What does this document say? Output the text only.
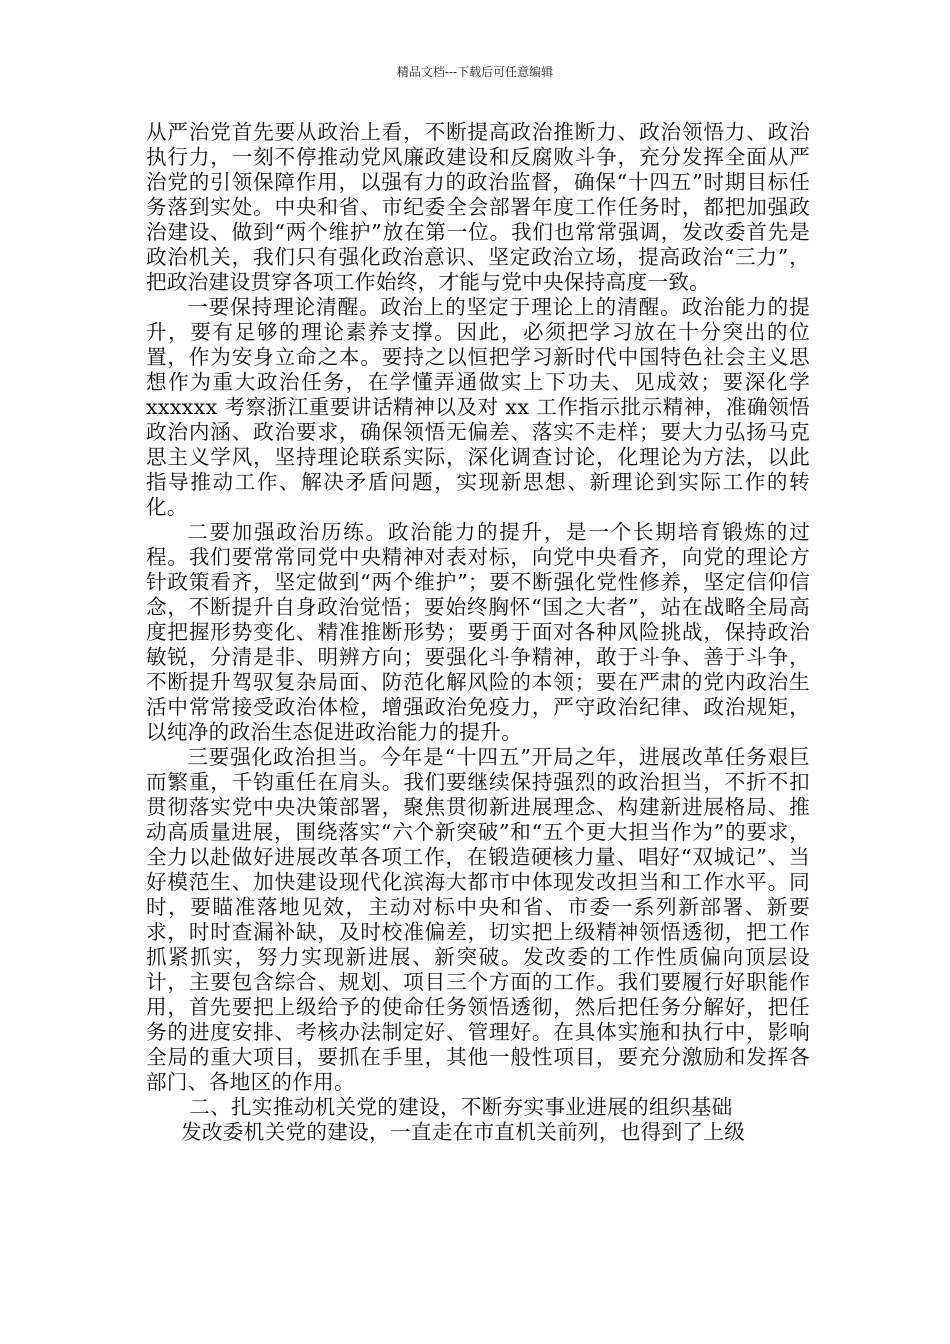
精品文档---下载后可任意编辑

从严治党首先要从政治上看，不断提高政治推断力、政治领悟力、政治执行力，一刻不停推动党风廉政建设和反腐败斗争，充分发挥全面从严治党的引领保障作用，以强有力的政治监督，确保“十四五”时期目标任务落到实处。中央和省、市纪委全会部署年度工作任务时，都把加强政治建设、做到“两个维护”放在第一位。我们也常常强调，发改委首先是政治机关，我们只有强化政治意识、坚定政治立场，提高政治“三力”，把政治建设贯穿各项工作始终，才能与党中央保持高度一致。

一要保持理论清醒。政治上的坚定于理论上的清醒。政治能力的提升，要有足够的理论素养支撑。因此，必须把学习放在十分突出的位置，作为安身立命之本。要持之以恒把学习新时代中国特色社会主义思想作为重大政治任务，在学懂弄通做实上下功夫、见成效；要深化学 xxxxxx 考察浙江重要讲话精神以及对 xx 工作指示批示精神，准确领悟政治内涵、政治要求，确保领悟无偏差、落实不走样；要大力弘扬马克思主义学风，坚持理论联系实际，深化调查讨论，化理论为方法，以此指导推动工作、解决矛盾问题，实现新思想、新理论到实际工作的转化。

二要加强政治历练。政治能力的提升，是一个长期培育锻炼的过程。我们要常常同党中央精神对表对标，向党中央看齐，向党的理论方针政策看齐，坚定做到“两个维护”；要不断强化党性修养，坚定信仰信念，不断提升自身政治觉悟；要始终胸怀“国之大者”，站在战略全局高度把握形势变化、精准推断形势；要勇于面对各种风险挑战，保持政治敏锐，分清是非、明辨方向；要强化斗争精神，敢于斗争、善于斗争，不断提升驾驭复杂局面、防范化解风险的本领；要在严肃的党内政治生活中常常接受政治体检，增强政治免疫力，严守政治纪律、政治规矩，以纯净的政治生态促进政治能力的提升。

三要强化政治担当。今年是“十四五”开局之年，进展改革任务艰巨而繁重，千钧重任在肩头。我们要继续保持强烈的政治担当，不折不扣贯彻落实党中央决策部署，聚焦贯彻新进展理念、构建新进展格局、推动高质量进展，围绕落实“六个新突破”和“五个更大担当作为”的要求，全力以赴做好进展改革各项工作，在锻造硬核力量、唱好“双城记”、当好模范生、加快建设现代化滨海大都市中体现发改担当和工作水平。同时，要瞄准落地见效，主动对标中央和省、市委一系列新部署、新要求，时时查漏补缺，及时校准偏差，切实把上级精神领悟透彻，把工作抓紧抓实，努力实现新进展、新突破。发改委的工作性质偏向顶层设计，主要包含综合、规划、项目三个方面的工作。我们要履行好职能作用，首先要把上级给予的使命任务领悟透彻，然后把任务分解好，把任务的进度安排、考核办法制定好、管理好。在具体实施和执行中，影响全局的重大项目，要抓在手里，其他一般性项目，要充分激励和发挥各部门、各地区的作用。

二、扎实推动机关党的建设，不断夯实事业进展的组织基础

发改委机关党的建设，一直走在市直机关前列，也得到了上级
